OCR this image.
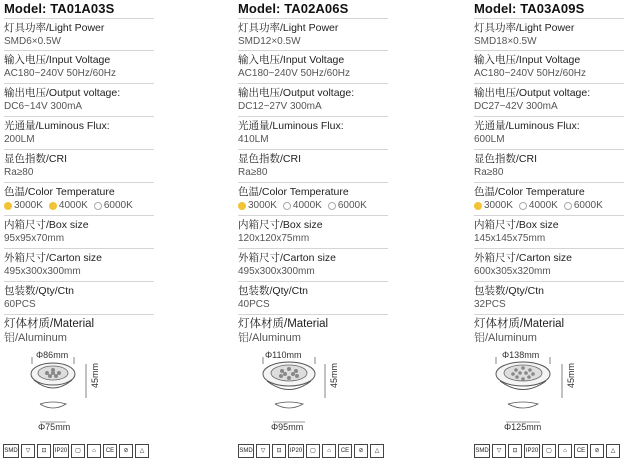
Model: TA01A03S
灯具功率/Light Power
SMD6×0.5W
输入电压/Input Voltage
AC180~240V 50Hz/60Hz
输出电压/Output voltage:
DC6~14V 300mA
光通量/Luminous Flux:
200LM
显色指数/CRI
Ra≥80
色温/Color Temperature
3000K 4000K 6000K
内箱尺寸/Box size
95x95x70mm
外箱尺寸/Carton size
495x300x300mm
包装数/Qty/Ctn
60PCS
灯体材质/Material
铝/Aluminum
Model: TA02A06S
灯具功率/Light Power
SMD12×0.5W
输入电压/Input Voltage
AC180~240V 50Hz/60Hz
输出电压/Output voltage:
DC12~27V 300mA
光通量/Luminous Flux:
410LM
显色指数/CRI
Ra≥80
色温/Color Temperature
3000K 4000K 6000K
内箱尺寸/Box size
120x120x75mm
外箱尺寸/Carton size
495x300x300mm
包装数/Qty/Ctn
40PCS
灯体材质/Material
铝/Aluminum
Model: TA03A09S
灯具功率/Light Power
SMD18×0.5W
输入电压/Input Voltage
AC180~240V 50Hz/60Hz
输出电压/Output voltage:
DC27~42V 300mA
光通量/Luminous Flux:
600LM
显色指数/CRI
Ra≥80
色温/Color Temperature
3000K 4000K 6000K
内箱尺寸/Box size
145x145x75mm
外箱尺寸/Carton size
600x305x320mm
包装数/Qty/Ctn
32PCS
灯体材质/Material
铝/Aluminum
Φ86mm
45mm
Φ75mm
Φ110mm
45mm
Φ95mm
Φ138mm
45mm
Φ125mm
SMD	▽	⊡	IP20	▢	⌂	CE	⊘	△	SMD	▽	⊡	IP20	▢	⌂	CE	⊘	△	SMD	▽	⊡	IP20	▢	⌂	CE	⊘	△
